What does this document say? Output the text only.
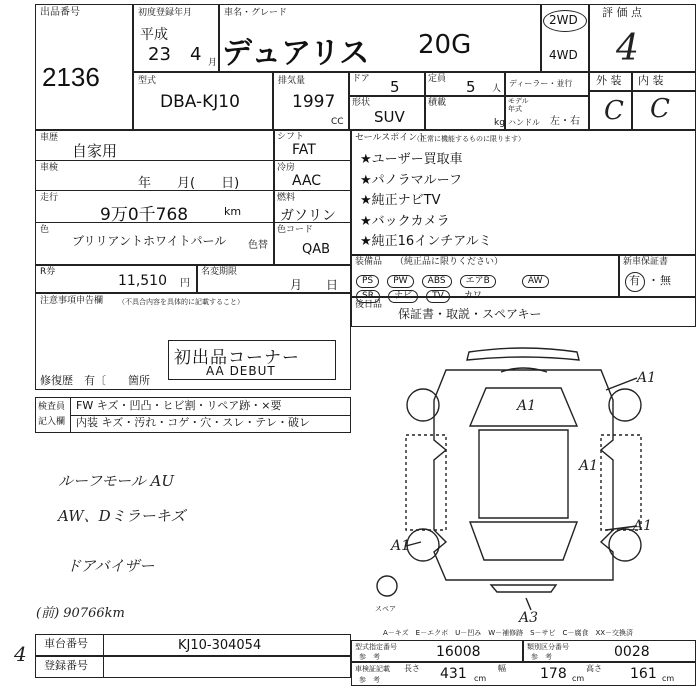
出品番号
2136
初度登録年月
平成
23 4 月
車名・グレード
デュアリス 20G
2WD
4WD
評 価 点
4
外 装 内 装
C C
型式
DBA-KJ10
排気量
1997
CC
ドア 5	定員 5 人
ディーラー・並行
形状
SUV
積載
kg
モデル
年式
ハンドル 左・右
車歴
自家用
車検
年　　月(　　日)
走行
9万0千768	km
色
ブリリアントホワイトパール	色替
シフト
FAT
冷房
AAC
燃料
ガソリン
色コード
QAB
R券
11,510 円
名変期限
月　　日
注意事項申告欄 （不具合内容を具体的に記載すること）
初出品コーナー
AA DEBUT
修復歴 有〔　　箇所
セールスポイント
（正常に機能するものに限ります）
★ユーザー買取車
★パノラマルーフ
★純正ナビTV
★バックカメラ
★純正16インチアルミ
装備品 （純正品に限りください）
PS PW ABS エアB	AW
SR ナビ TV カワ
新車保証書
有 ・ 無
後日品
保証書・取説・スペアキー
検査員
記入欄
FW キズ・凹凸・ヒビ割・リペア跡・×要
内装 キズ・汚れ・コゲ・穴・スレ・テレ・破レ
ルーフモール AU
AW、Dミラーキズ
ドアバイザー
(前) 90766km
4
A1
A1
A1
A1
A1
A3
スペア
A－キズ　E－エクボ　U－凹み　W－補修跡　S－サビ　C－腐食　XX－交換済
車台番号	KJ10-304054
登録番号
型式指定番号
参　考	16008	類別区分番号
参　考	0028
車検証記載
参　考
長さ 431 cm
幅 178 cm
高さ 161 cm
